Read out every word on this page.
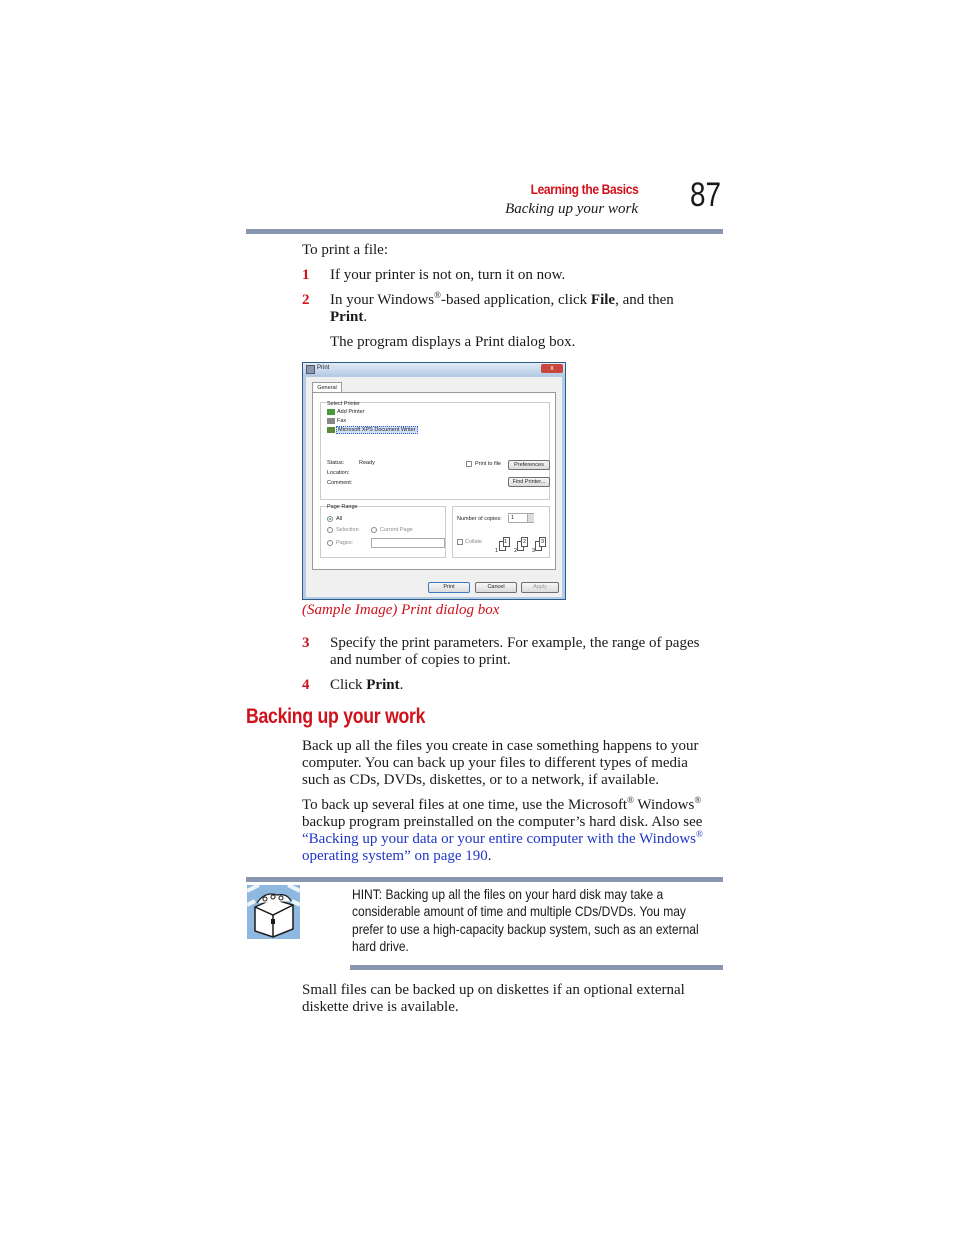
Learning the Basics
Backing up your work 87
To print a file:
1 If your printer is not on, turn it on now.
2 In your Windows®-based application, click File, and then
Print.
The program displays a Print dialog box.
Print	x
General
Select Printer
Add Printer
Fax
Microsoft XPS Document Writer
Status:	Ready
Location:
Comment:
Print to file	Preferences
Find Printer...
Page Range
All
Selection	Current Page
Pages:
Number of copies:	1
Collate
1
1
2
2
3
3
Print	Cancel	Apply
(Sample Image) Print dialog box
3 Specify the print parameters. For example, the range of pages
and number of copies to print.
4 Click Print.
Backing up your work
Back up all the files you create in case something happens to your
computer. You can back up your files to different types of media
such as CDs, DVDs, diskettes, or to a network, if available.
To back up several files at one time, use the Microsoft® Windows®
backup program preinstalled on the computer’s hard disk. Also see
“Backing up your data or your entire computer with the Windows®
operating system” on page 190.
HINT: Backing up all the files on your hard disk may take a
considerable amount of time and multiple CDs/DVDs. You may
prefer to use a high-capacity backup system, such as an external
hard drive.
Small files can be backed up on diskettes if an optional external
diskette drive is available.
